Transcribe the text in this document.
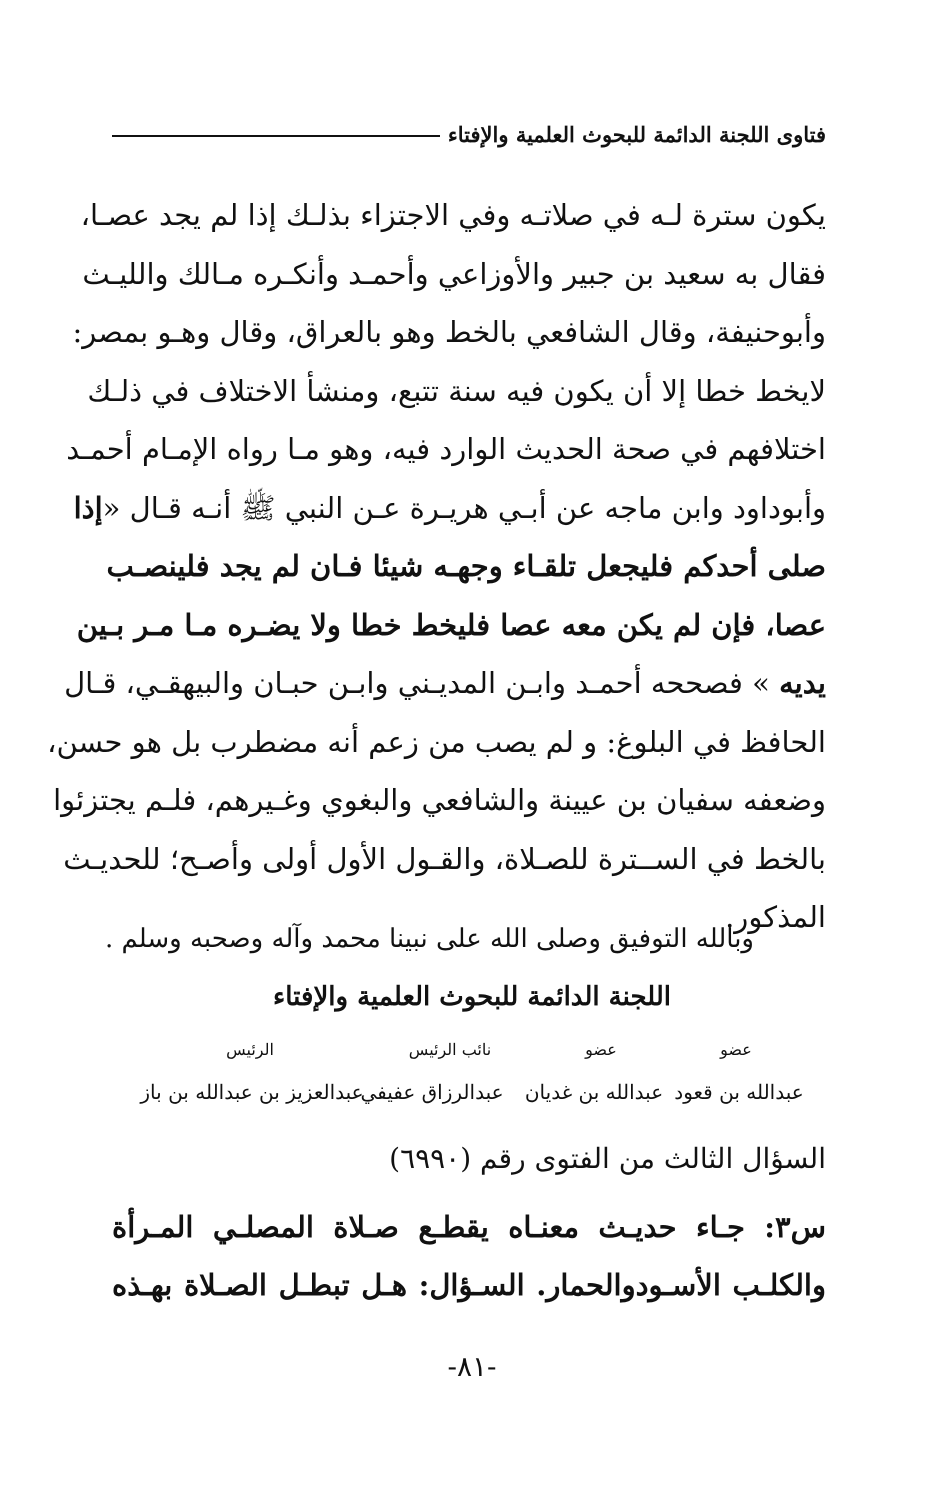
فتاوى اللجنة الدائمة للبحوث العلمية والإفتاء
يكون سترة لـه في صلاتـه وفي الاجتزاء بذلـك إذا لم يجد عصـا،
فقال به سعيد بن جبير والأوزاعي وأحمـد وأنكـره مـالك والليـث
وأبوحنيفة، وقال الشافعي بالخط وهو بالعراق، وقال وهـو بمصر:
لايخط خطا إلا أن يكون فيه سنة تتبع، ومنشأ الاختلاف في ذلـك
اختلافهم في صحة الحديث الوارد فيه، وهو مـا رواه الإمـام أحمـد
وأبوداود وابن ماجه عن أبـي هريـرة عـن النبي ﷺ أنـه قـال «إذا
صلى أحدكم فليجعل تلقـاء وجهـه شيئا فـان لم يجد فلينصـب
عصا، فإن لم يكن معه عصا فليخط خطا ولا يضـره مـا مـر بـين
يديه » فصححه أحمـد وابـن المديـني وابـن حبـان والبيهقـي، قـال
الحافظ في البلوغ: و لم يصب من زعم أنه مضطرب بل هو حسن،
وضعفه سفيان بن عيينة والشافعي والبغوي وغـيرهم، فلـم يجتزئوا
بالخط في الســترة للصـلاة، والقـول الأول أولى وأصـح؛ للحديـث
المذكور.
وبالله التوفيق وصلى الله على نبينا محمد وآله وصحبه وسلم .
اللجنة الدائمة للبحوث العلمية والإفتاء
عضو
عضو
نائب الرئيس
الرئيس
عبدالله بن قعود
عبدالله بن غديان
عبدالرزاق عفيفي
عبدالعزيز بن عبدالله بن باز
السؤال الثالث من الفتوى رقم (٦٩٩٠)
س٣: جـاء حديـث معنـاه يقطـع صـلاة المصلـي المـرأة
والكلـب الأسـودوالحمار. السـؤال: هـل تبطـل الصـلاة بهـذه
-٨١-
